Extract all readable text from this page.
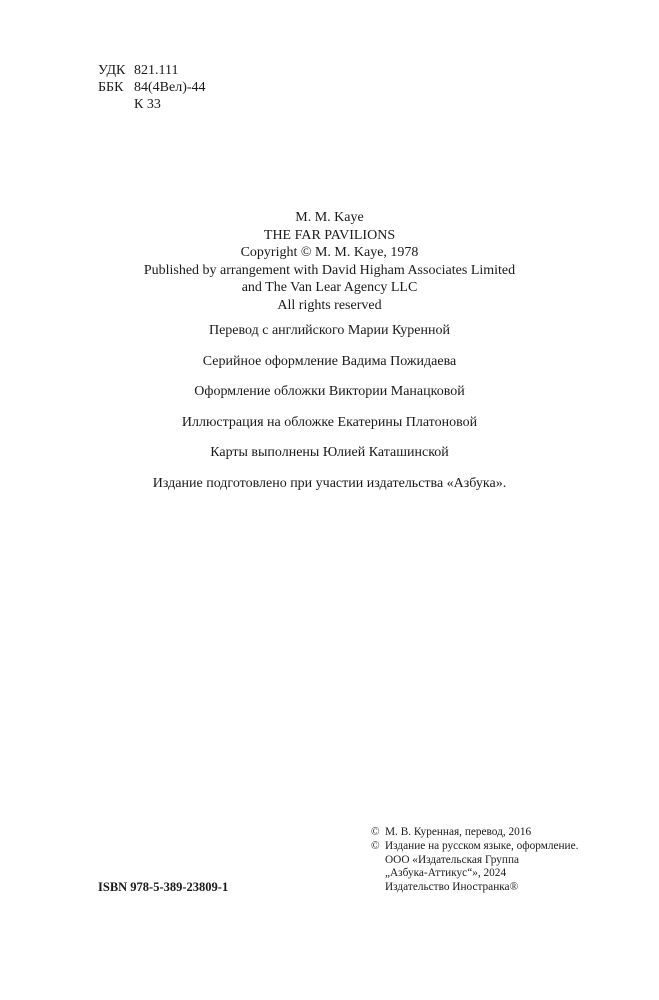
УДК 821.111
ББК 84(4Вел)-44
К 33
M. M. Kaye
THE FAR PAVILIONS
Copyright © M. M. Kaye, 1978
Published by arrangement with David Higham Associates Limited
and The Van Lear Agency LLC
All rights reserved
Перевод с английского Марии Куренной
Серийное оформление Вадима Пожидаева
Оформление обложки Виктории Манацковой
Иллюстрация на обложке Екатерины Платоновой
Карты выполнены Юлией Каташинской
Издание подготовлено при участии издательства «Азбука».
ISBN 978-5-389-23809-1
© М. В. Куренная, перевод, 2016
© Издание на русском языке, оформление.
ООО «Издательская Группа
„Азбука-Аттикус“», 2024
Издательство Иностранка®
